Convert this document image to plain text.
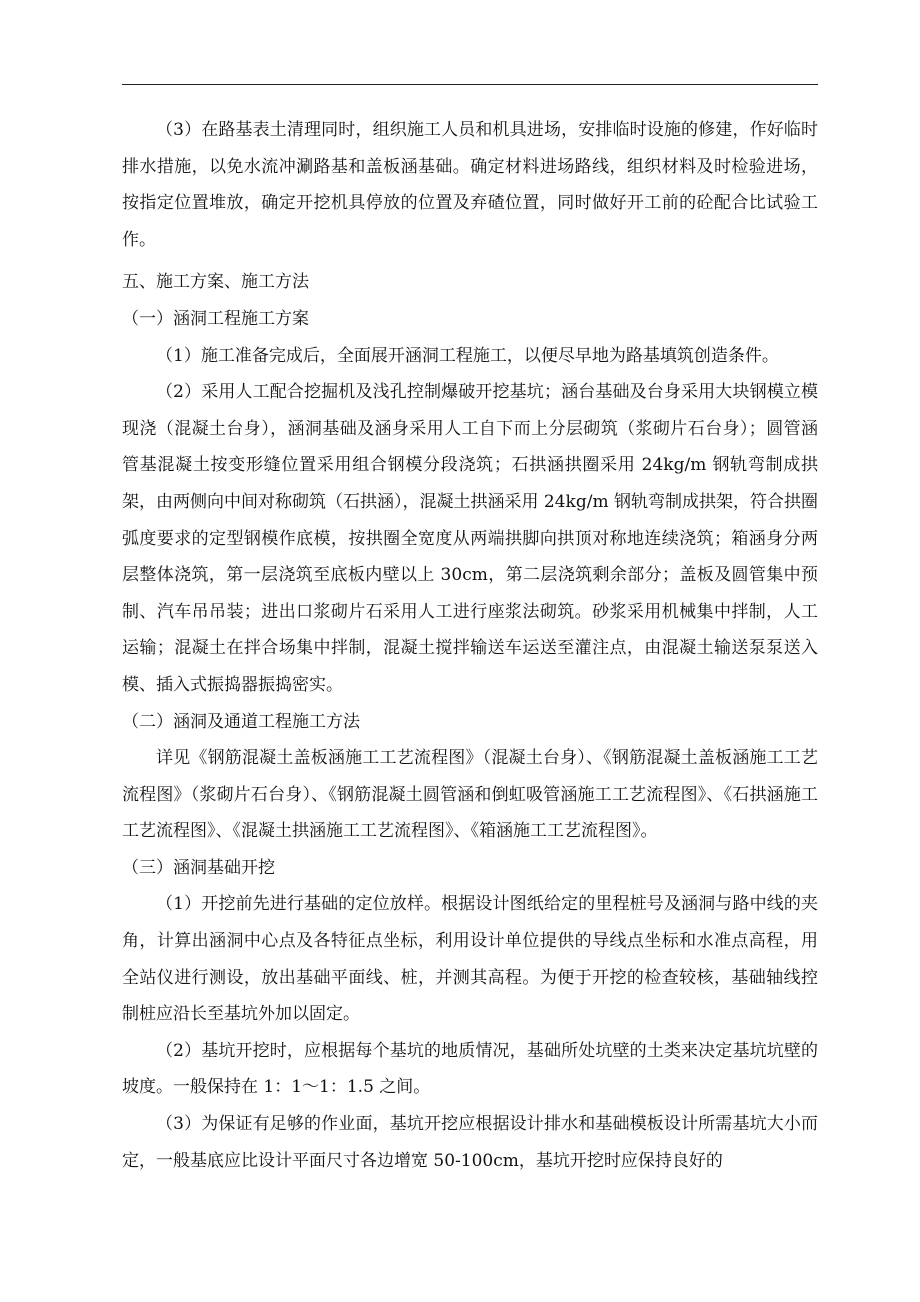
（3）在路基表土清理同时，组织施工人员和机具进场，安排临时设施的修建，作好临时排水措施，以免水流冲涮路基和盖板涵基础。确定材料进场路线，组织材料及时检验进场，按指定位置堆放，确定开挖机具停放的位置及弃碴位置，同时做好开工前的砼配合比试验工作。

五、施工方案、施工方法

（一）涵洞工程施工方案

（1）施工准备完成后，全面展开涵洞工程施工，以便尽早地为路基填筑创造条件。

（2）采用人工配合挖掘机及浅孔控制爆破开挖基坑；涵台基础及台身采用大块钢模立模现浇（混凝土台身），涵洞基础及涵身采用人工自下而上分层砌筑（浆砌片石台身）；圆管涵管基混凝土按变形缝位置采用组合钢模分段浇筑；石拱涵拱圈采用 24kg/m 钢轨弯制成拱架，由两侧向中间对称砌筑（石拱涵），混凝土拱涵采用 24kg/m 钢轨弯制成拱架，符合拱圈弧度要求的定型钢模作底模，按拱圈全宽度从两端拱脚向拱顶对称地连续浇筑；箱涵身分两层整体浇筑，第一层浇筑至底板内壁以上 30cm，第二层浇筑剩余部分；盖板及圆管集中预制、汽车吊吊装；进出口浆砌片石采用人工进行座浆法砌筑。砂浆采用机械集中拌制，人工运输；混凝土在拌合场集中拌制，混凝土搅拌输送车运送至灌注点，由混凝土输送泵泵送入模、插入式振捣器振捣密实。

（二）涵洞及通道工程施工方法

详见《钢筋混凝土盖板涵施工工艺流程图》（混凝土台身）、《钢筋混凝土盖板涵施工工艺流程图》（浆砌片石台身）、《钢筋混凝土圆管涵和倒虹吸管涵施工工艺流程图》、《石拱涵施工工艺流程图》、《混凝土拱涵施工工艺流程图》、《箱涵施工工艺流程图》。

（三）涵洞基础开挖

（1）开挖前先进行基础的定位放样。根据设计图纸给定的里程桩号及涵洞与路中线的夹角，计算出涵洞中心点及各特征点坐标，利用设计单位提供的导线点坐标和水准点高程，用全站仪进行测设，放出基础平面线、桩，并测其高程。为便于开挖的检查较核，基础轴线控制桩应沿长至基坑外加以固定。

（2）基坑开挖时，应根据每个基坑的地质情况，基础所处坑壁的土类来决定基坑坑壁的坡度。一般保持在 1：1～1：1.5 之间。

（3）为保证有足够的作业面，基坑开挖应根据设计排水和基础模板设计所需基坑大小而定，一般基底应比设计平面尺寸各边增宽 50-100cm，基坑开挖时应保持良好的
